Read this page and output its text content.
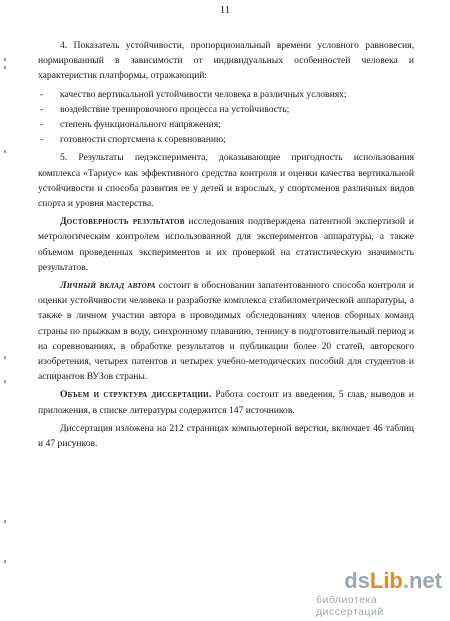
11

4. Показатель устойчивости, пропорциональный времени условного равновесия, нормированный в зависимости от индивидуальных особенностей человека и характеристик платформы, отражающий:

- качество вертикальной устойчивости человека в различных условиях;
- воздействие тренировочного процесса на устойчивость;
- степень функционального напряжения;
- готовности спортсмена к соревнованию;

5. Результаты педэксперимента, доказывающие пригодность использования комплекса «Тариус» как эффективного средства контроля и оценки качества вертикальной устойчивости и способа развития ее у детей и взрослых, у спортсменов различных видов спорта и уровня мастерства.

Достоверность результатов исследования подтверждена патентной экспертизой и метрологическим контролем использованной для экспериментов аппаратуры, а также объемом проведенных экспериментов и их проверкой на статистическую значимость результатов.

Личный вклад автора состоит в обосновании запатентованного способа контроля и оценки устойчивости человека и разработке комплекса стабилометрической аппаратуры, а также в личном участии автора в проводимых обследованиях членов сборных команд страны по прыжкам в воду, синхронному плаванию, теннису в подготовительный период и на соревнованиях, в обработке результатов и публикации более 20 статей, авторского изобретения, четырех патентов и четырех учебно-методических пособий для студентов и аспирантов ВУЗов страны.

Объем и структура диссертации. Работа состоит из введения, 5 глав, выводов и приложения, в списке литературы содержится 147 источников.

Диссертация изложена на 212 страницах компьютерной верстки, включает 46 таблиц и 47 рисунков.

dsLib.net
библиотека диссертаций
